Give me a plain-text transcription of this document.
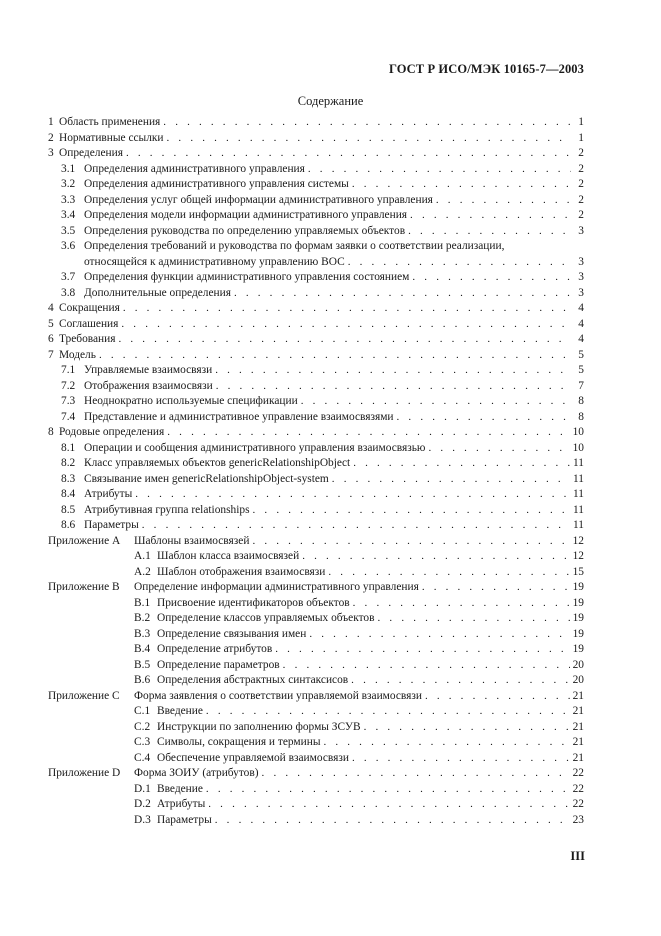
ГОСТ Р ИСО/МЭК 10165-7—2003
Содержание
1 Область применения . . .	1
2 Нормативные ссылки . . .	1
3 Определения . . .	2
3.1 Определения административного управления . . .	2
3.2 Определения административного управления системы . . .	2
3.3 Определения услуг общей информации административного управления . . .	2
3.4 Определения модели информации административного управления . . .	2
3.5 Определения руководства по определению управляемых объектов . . .	3
3.6 Определения требований и руководства по формам заявки о соответствии реализации,
относящейся к административному управлению ВОС . . .	3
3.7 Определения функции административного управления состоянием . . .	3
3.8 Дополнительные определения . . .	3
4 Сокращения . . .	4
5 Соглашения . . .	4
6 Требования . . .	4
7 Модель . . .	5
7.1 Управляемые взаимосвязи . . .	5
7.2 Отображения взаимосвязи . . .	7
7.3 Неоднократно используемые спецификации . . .	8
7.4 Представление и административное управление взаимосвязями . . .	8
8 Родовые определения . . .	10
8.1 Операции и сообщения административного управления взаимосвязью . . .	10
8.2 Класс управляемых объектов genericRelationshipObject . . .	11
8.3 Связывание имен genericRelationshipObject-system . . .	11
8.4 Атрибуты . . .	11
8.5 Атрибутивная группа relationships . . .	11
8.6 Параметры . . .	11
Приложение А	Шаблоны взаимосвязей . . .	12
А.1 Шаблон класса взаимосвязей . . .	12
А.2 Шаблон отображения взаимосвязи . . .	15
Приложение В	Определение информации административного управления . . .	19
В.1 Присвоение идентификаторов объектов . . .	19
В.2 Определение классов управляемых объектов . . .	19
В.3 Определение связывания имен . . .	19
В.4 Определение атрибутов . . .	19
В.5 Определение параметров . . .	20
В.6 Определения абстрактных синтаксисов . . .	20
Приложение С	Форма заявления о соответствии управляемой взаимосвязи . . .	21
С.1 Введение . . .	21
С.2 Инструкции по заполнению формы ЗСУВ . . .	21
С.3 Символы, сокращения и термины . . .	21
С.4 Обеспечение управляемой взаимосвязи . . .	21
Приложение D	Форма ЗОИУ (атрибутов) . . .	22
D.1 Введение . . .	22
D.2 Атрибуты . . .	22
D.3 Параметры . . .	23
III
